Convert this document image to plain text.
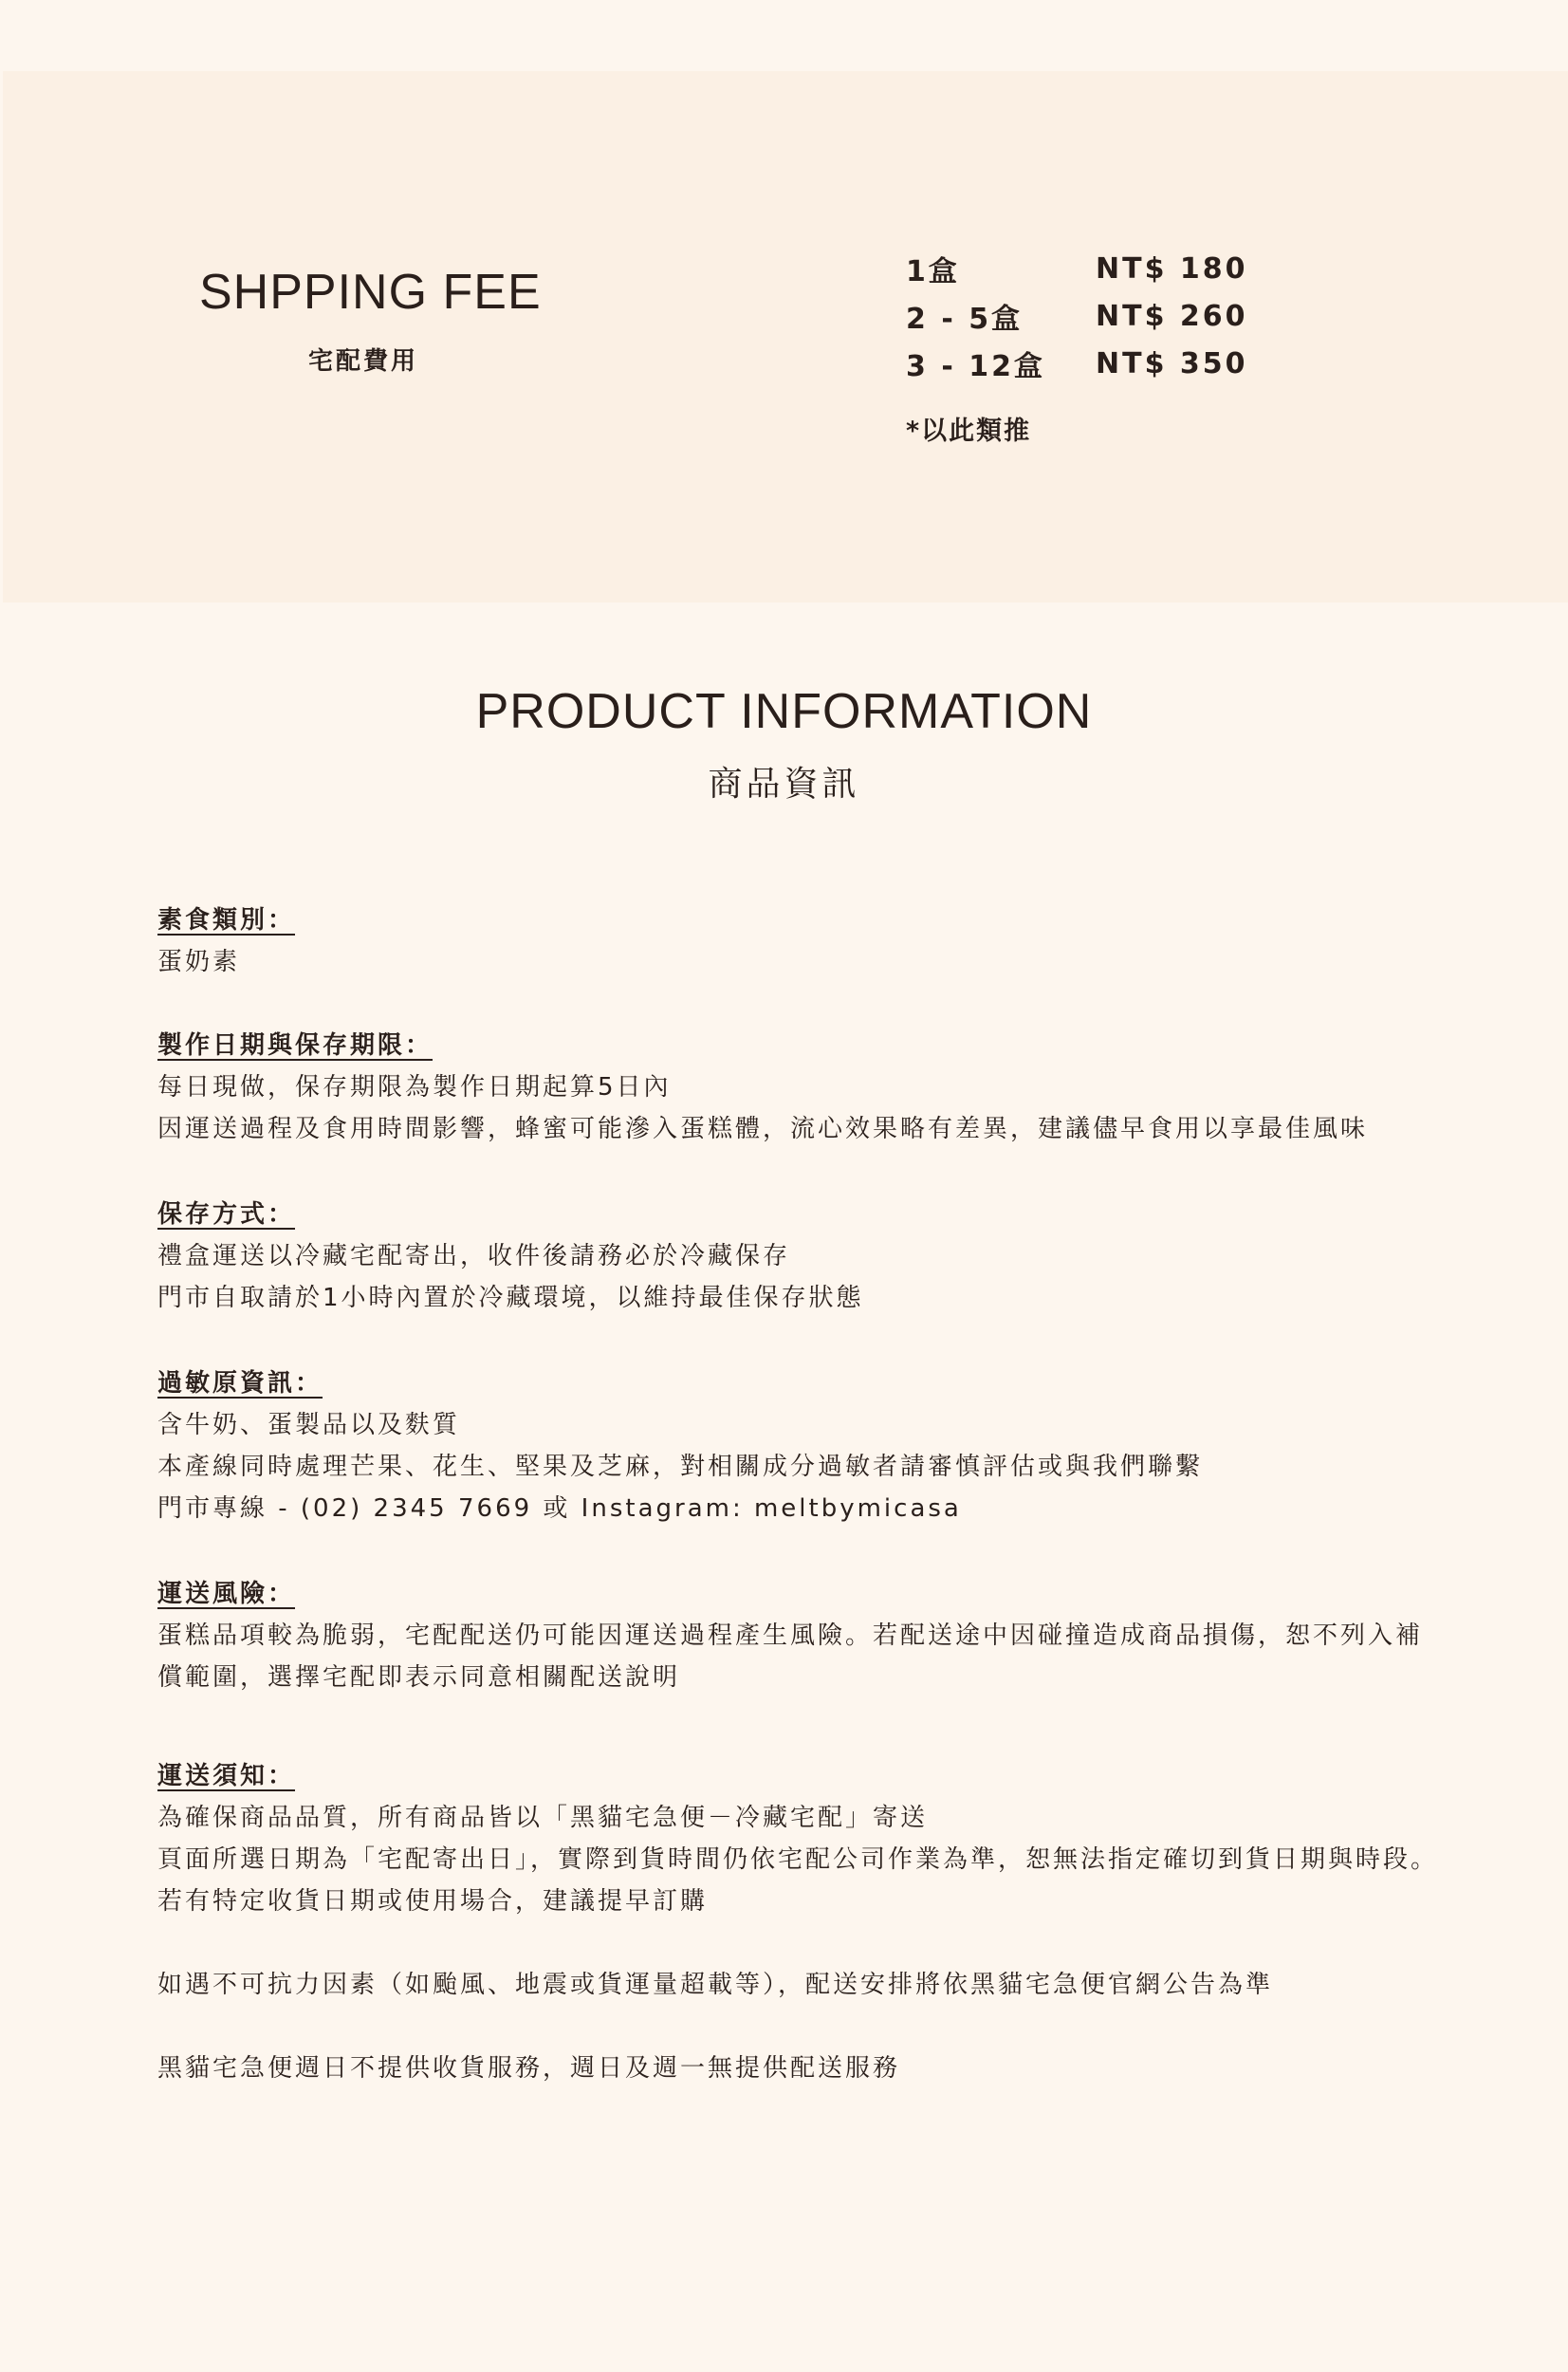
SHPPING FEE
宅配費用
1盒	NT$ 180
2 - 5盒	NT$ 260
3 - 12盒	NT$ 350
*以此類推
PRODUCT INFORMATION
商品資訊
素食類別：
蛋奶素
製作日期與保存期限：
每日現做，保存期限為製作日期起算5日內
因運送過程及食用時間影響，蜂蜜可能滲入蛋糕體，流心效果略有差異，建議儘早食用以享最佳風味
保存方式：
禮盒運送以冷藏宅配寄出，收件後請務必於冷藏保存
門市自取請於1小時內置於冷藏環境，以維持最佳保存狀態
過敏原資訊：
含牛奶、蛋製品以及麩質
本產線同時處理芒果、花生、堅果及芝麻，對相關成分過敏者請審慎評估或與我們聯繫
門市專線 - (02) 2345 7669 或 Instagram: meltbymicasa
運送風險：
蛋糕品項較為脆弱，宅配配送仍可能因運送過程產生風險。若配送途中因碰撞造成商品損傷，恕不列入補償範圍，選擇宅配即表示同意相關配送說明
運送須知：
為確保商品品質，所有商品皆以「黑貓宅急便－冷藏宅配」寄送
頁面所選日期為「宅配寄出日」，實際到貨時間仍依宅配公司作業為準，恕無法指定確切到貨日期與時段。若有特定收貨日期或使用場合，建議提早訂購
如遇不可抗力因素（如颱風、地震或貨運量超載等），配送安排將依黑貓宅急便官網公告為準
黑貓宅急便週日不提供收貨服務，週日及週一無提供配送服務
